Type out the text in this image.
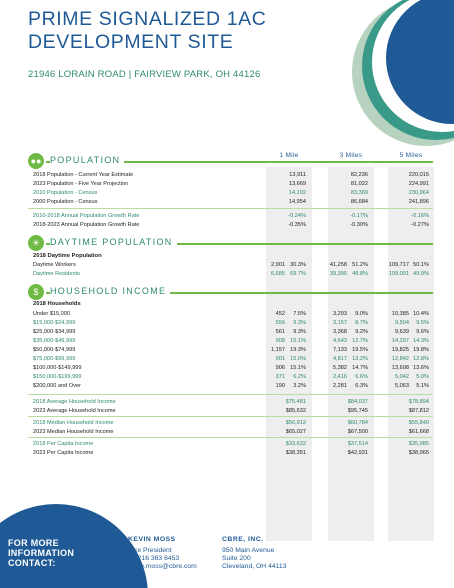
PRIME SIGNALIZED 1AC
DEVELOPMENT SITE
21946 LORAIN ROAD | FAIRVIEW PARK, OH 44126
1 Mile	3 Miles	5 Miles
●● POPULATION
☀	DAYTIME POPULATION
$	HOUSEHOLD INCOME
2018 Population - Current Year Estimate	13,911	82,236	220,015
2023 Population - Five Year Projection	13,669	81,022	224,991
2010 Population - Census	14,192	83,369	230,964
2000 Population - Census	14,954	86,684	241,896
2010-2018 Annual Population Growth Rate	-0.24%	-0.17%	-0.16%
2018-2023 Annual Population Growth Rate	-0.35%	-0.30%	-0.27%
2018 Daytime Population
Daytime Workers	2,901 30.3%	41,258 51.2%	109,717 50.1%
Daytime Residents	6,685 69.7%	39,395 48.8%	109,091 49.9%
2018 Households
Under $15,000	452 7.5%	3,293 9.0%	10,385 10.4%
$15,000-$24,999	556 9.3%	3,157 8.7%	9,504 9.5%
$25,000-$34,999	561 9.3%	3,368 9.2%	9,639 9.6%
$35,000-$49,999	908 15.1%	4,643 12.7%	14,297 14.3%
$50,000-$74,999	1,157 19.3%	7,133 19.5%	19,825 19.8%
$75,000-$99,999	901 15.0%	4,817 13.2%	12,842 12.8%
$100,000-$149,999	906 15.1%	5,382 14.7%	13,608 13.6%
$150,000-$199,999	371 6.2%	2,416 6.6%	5,042 5.0%
$200,000 and Over	190 3.2%	2,281 6.3%	5,063 5.1%
2018 Average Household Income	$75,481	$84,037	$78,894
2023 Average Household Income	$85,632	$95,745	$87,812
2018 Median Household Income	$56,912	$60,784	$55,840
2023 Median Household Income	$65,027	$67,500	$61,668
2018 Per Capita Income	$33,632	$37,514	$35,985
2023 Per Capita Income	$38,351	$42,931	$38,965
FOR MORE
INFORMATION
CONTACT:
KEVIN MOSS
Vice President
+1 216 363 6453
kevin.moss@cbre.com
CBRE, INC.
950 Main Avenue
Suite 200
Cleveland, OH 44113
